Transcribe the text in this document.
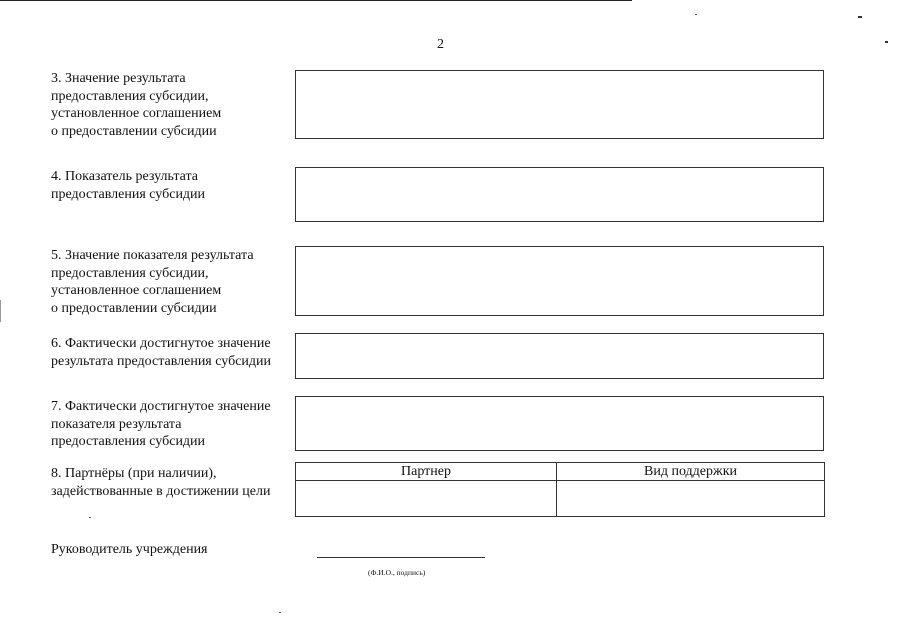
2
3. Значение результата
предоставления субсидии,
установленное соглашением
о предоставлении субсидии
4. Показатель результата
предоставления субсидии
5. Значение показателя результата
предоставления субсидии,
установленное соглашением
о предоставлении субсидии
6. Фактически достигнутое значение
результата предоставления субсидии
7. Фактически достигнутое значение
показателя результата
предоставления субсидии
8. Партнёры (при наличии),
задействованные в достижении цели
Партнер	Вид поддержки

Руководитель учреждения
(Ф.И.О., подпись)
